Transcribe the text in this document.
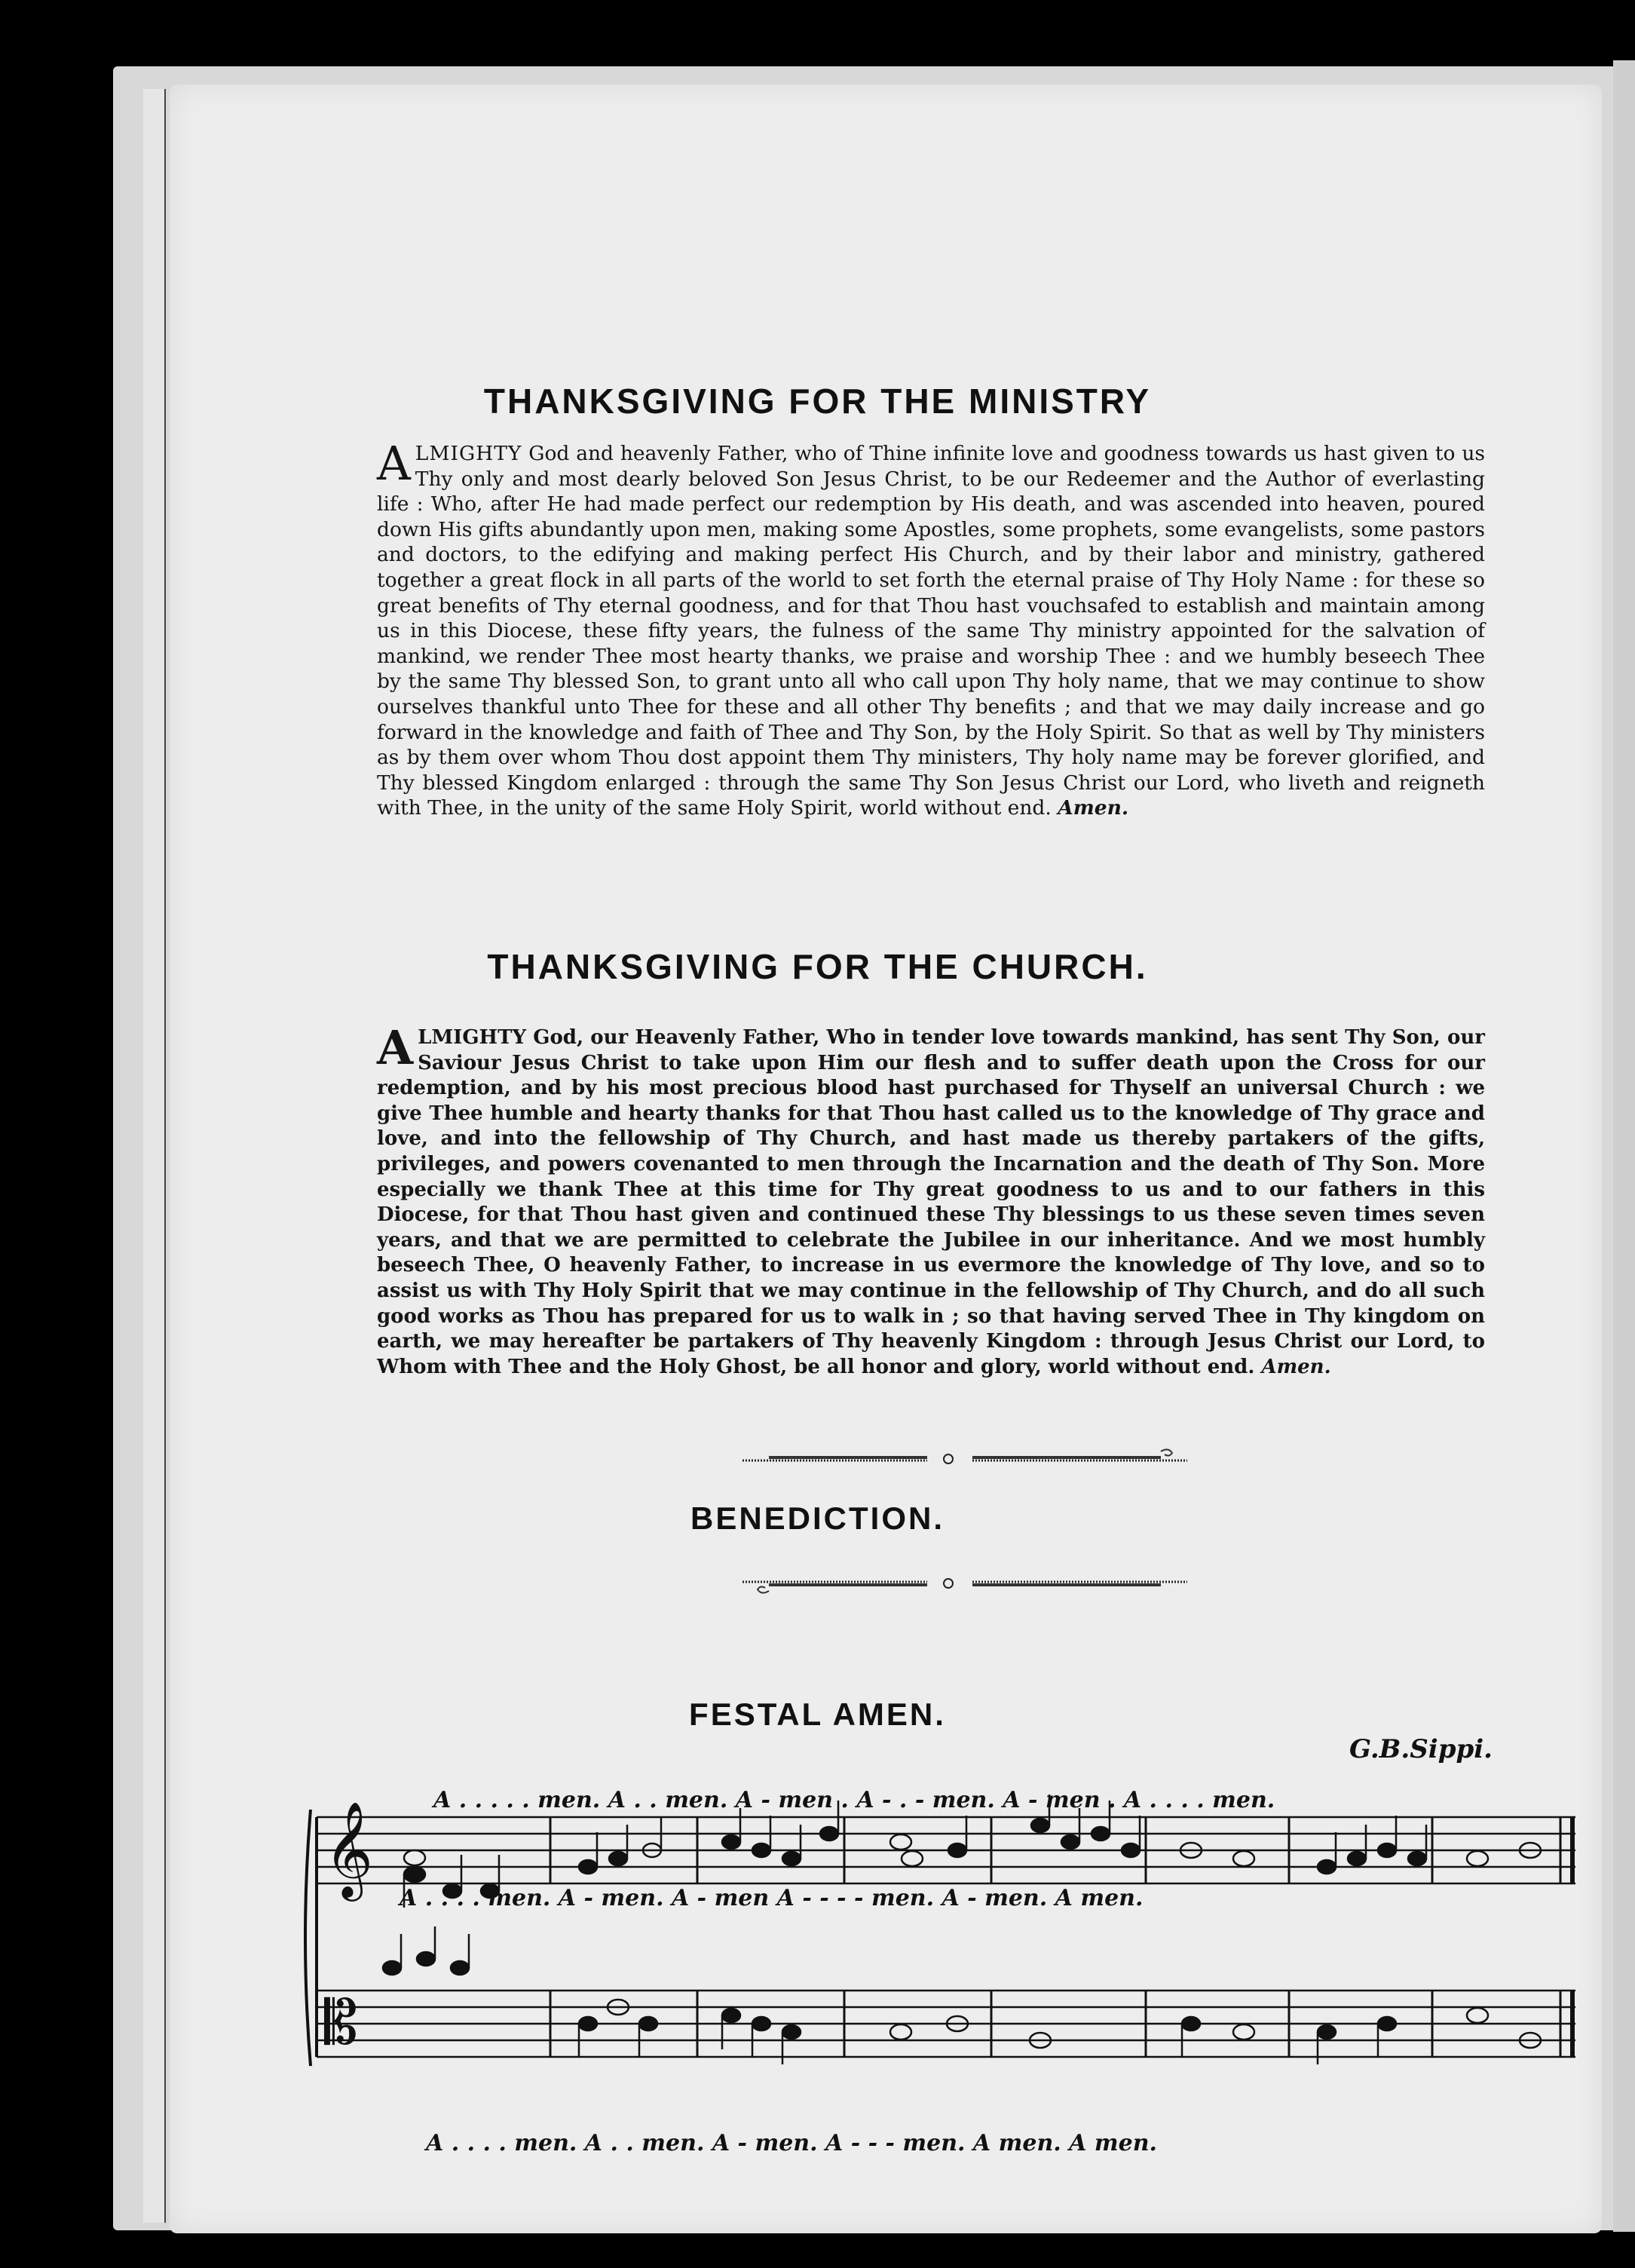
THANKSGIVING FOR THE MINISTRY

ALMIGHTY God and heavenly Father, who of Thine infinite love and goodness towards us hast given to us Thy only and most dearly beloved Son Jesus Christ, to be our Redeemer and the Author of everlasting life : Who, after He had made perfect our redemption by His death, and was ascended into heaven, poured down His gifts abundantly upon men, making some Apostles, some prophets, some evangelists, some pastors and doctors, to the edifying and making perfect His Church, and by their labor and ministry, gathered together a great flock in all parts of the world to set forth the eternal praise of Thy Holy Name : for these so great benefits of Thy eternal goodness, and for that Thou hast vouchsafed to establish and maintain among us in this Diocese, these fifty years, the fulness of the same Thy ministry appointed for the salvation of mankind, we render Thee most hearty thanks, we praise and worship Thee : and we humbly beseech Thee by the same Thy blessed Son, to grant unto all who call upon Thy holy name, that we may continue to show ourselves thankful unto Thee for these and all other Thy benefits ; and that we may daily increase and go forward in the knowledge and faith of Thee and Thy Son, by the Holy Spirit. So that as well by Thy ministers as by them over whom Thou dost appoint them Thy ministers, Thy holy name may be forever glorified, and Thy blessed Kingdom enlarged : through the same Thy Son Jesus Christ our Lord, who liveth and reigneth with Thee, in the unity of the same Holy Spirit, world without end. Amen.

THANKSGIVING FOR THE CHURCH.

ALMIGHTY God, our Heavenly Father, Who in tender love towards mankind, has sent Thy Son, our Saviour Jesus Christ to take upon Him our flesh and to suffer death upon the Cross for our redemption, and by his most precious blood hast purchased for Thyself an universal Church : we give Thee humble and hearty thanks for that Thou hast called us to the knowledge of Thy grace and love, and into the fellowship of Thy Church, and hast made us thereby partakers of the gifts, privileges, and powers covenanted to men through the Incarnation and the death of Thy Son. More especially we thank Thee at this time for Thy great goodness to us and to our fathers in this Diocese, for that Thou hast given and continued these Thy blessings to us these seven times seven years, and that we are permitted to celebrate the Jubilee in our inheritance. And we most humbly beseech Thee, O heavenly Father, to increase in us evermore the knowledge of Thy love, and so to assist us with Thy Holy Spirit that we may continue in the fellowship of Thy Church, and do all such good works as Thou has prepared for us to walk in ; so that having served Thee in Thy kingdom on earth, we may hereafter be partakers of Thy heavenly Kingdom : through Jesus Christ our Lord, to Whom with Thee and the Holy Ghost, be all honor and glory, world without end. Amen.

BENEDICTION.
FESTAL AMEN.
G.B.Sippi.
𝄞
𝄡
A . . . . . men. A . . men. A - men . A - . - men. A - men . A . . . . men.
A . . . . men. A - men. A - men A - - - - men. A - men. A men.
A . . . . men. A . . men. A - men. A - - - men. A men. A men.
